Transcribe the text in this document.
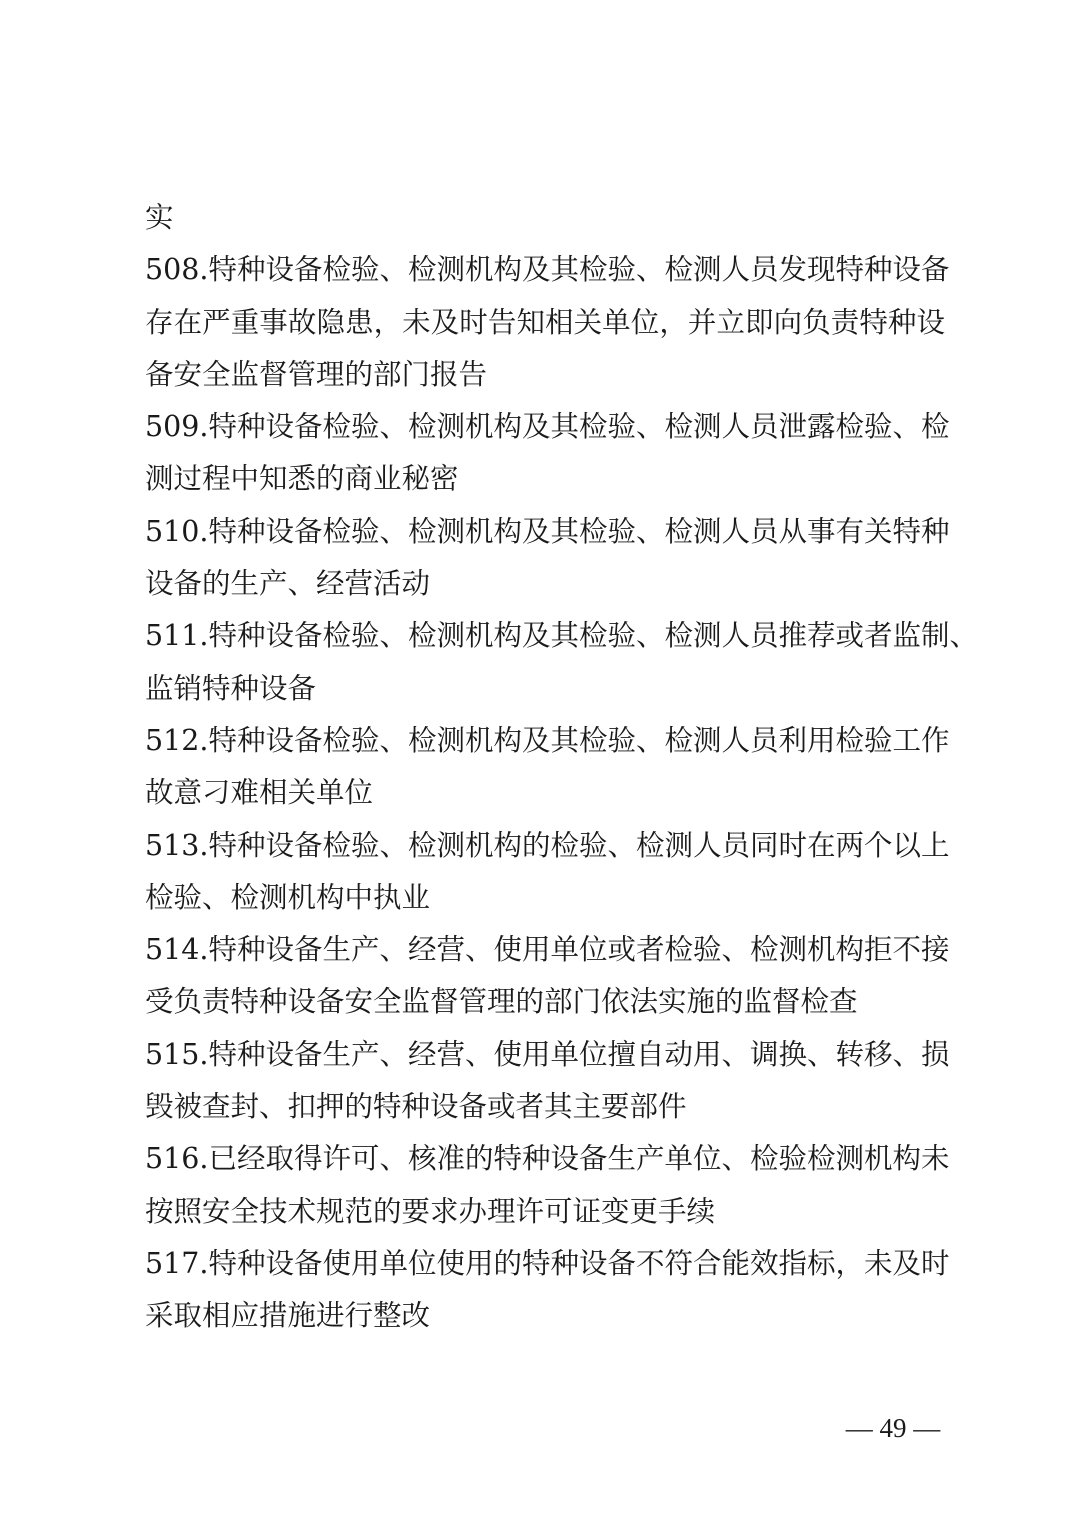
实
508.特种设备检验、检测机构及其检验、检测人员发现特种设备
存在严重事故隐患，未及时告知相关单位，并立即向负责特种设
备安全监督管理的部门报告
509.特种设备检验、检测机构及其检验、检测人员泄露检验、检
测过程中知悉的商业秘密
510.特种设备检验、检测机构及其检验、检测人员从事有关特种
设备的生产、经营活动
511.特种设备检验、检测机构及其检验、检测人员推荐或者监制、
监销特种设备
512.特种设备检验、检测机构及其检验、检测人员利用检验工作
故意刁难相关单位
513.特种设备检验、检测机构的检验、检测人员同时在两个以上
检验、检测机构中执业
514.特种设备生产、经营、使用单位或者检验、检测机构拒不接
受负责特种设备安全监督管理的部门依法实施的监督检查
515.特种设备生产、经营、使用单位擅自动用、调换、转移、损
毁被查封、扣押的特种设备或者其主要部件
516.已经取得许可、核准的特种设备生产单位、检验检测机构未
按照安全技术规范的要求办理许可证变更手续
517.特种设备使用单位使用的特种设备不符合能效指标，未及时
采取相应措施进行整改
— 49 —
